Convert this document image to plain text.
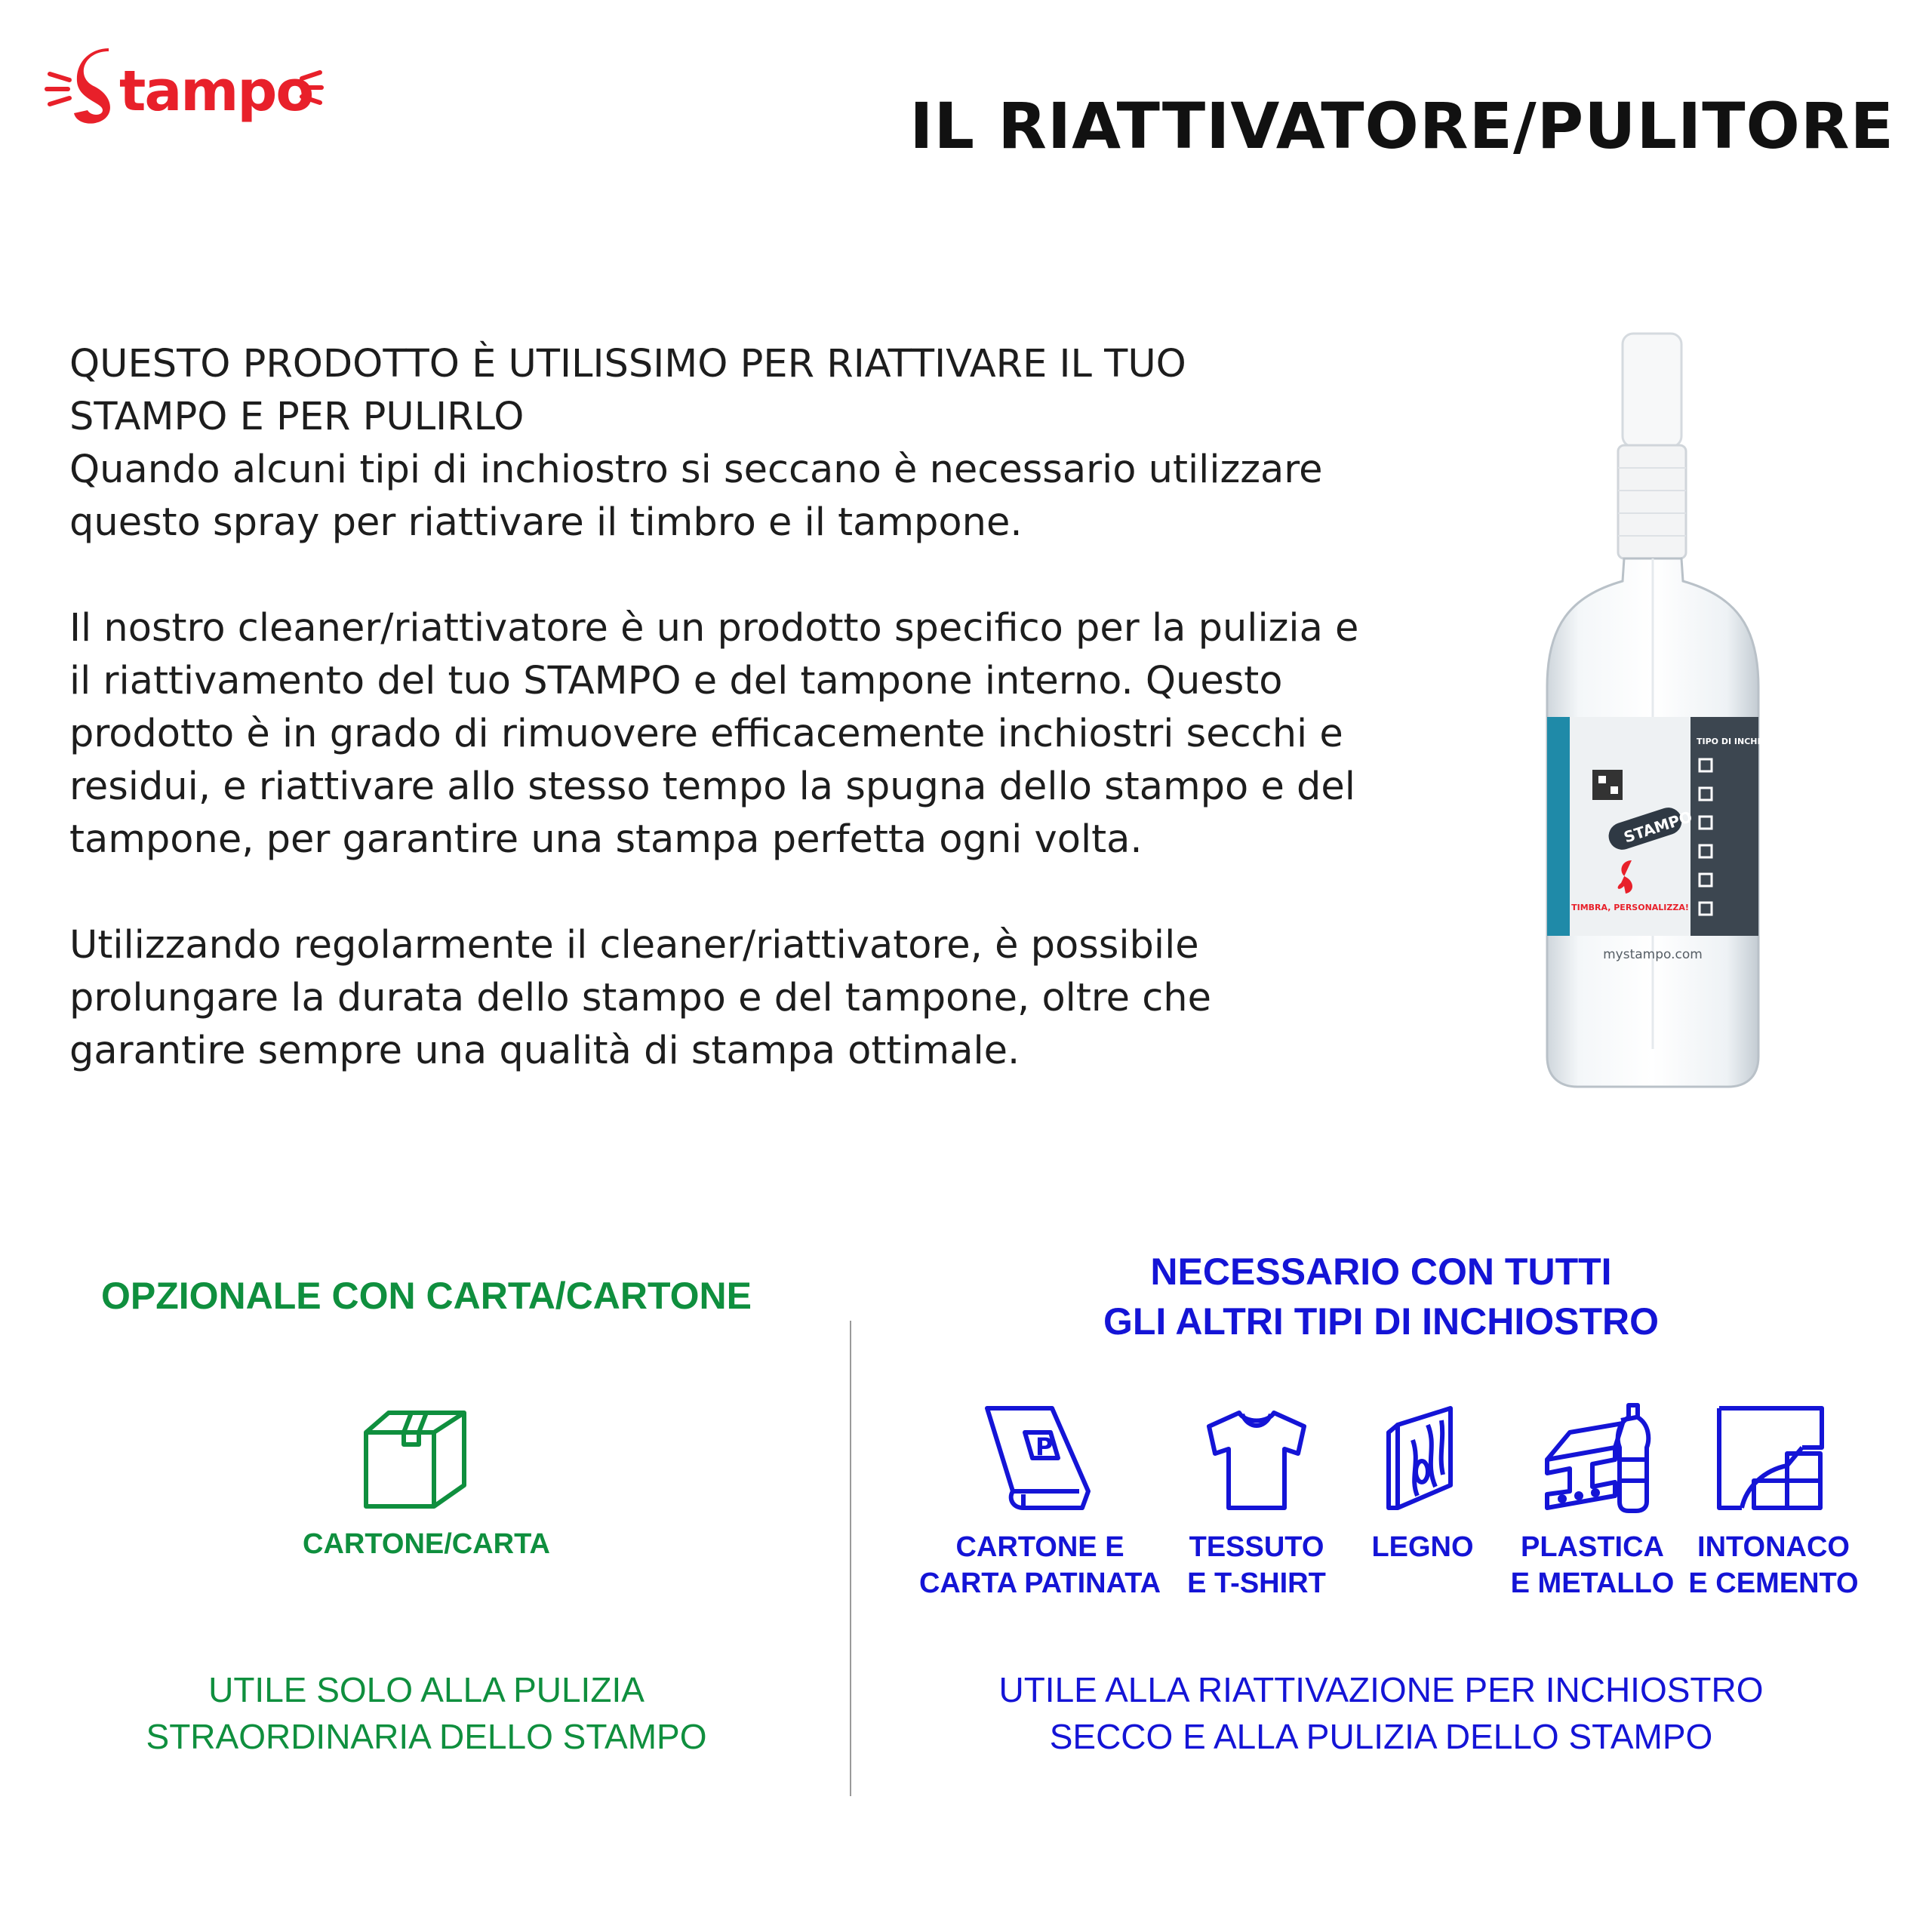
tampo	IL RIATTIVATORE/PULITORE

QUESTO PRODOTTO È UTILISSIMO PER RIATTIVARE IL TUO
STAMPO E PER PULIRLO
Quando alcuni tipi di inchiostro si seccano è necessario utilizzare
questo spray per riattivare il timbro e il tampone.

Il nostro cleaner/riattivatore è un prodotto specifico per la pulizia e
il riattivamento del tuo STAMPO e del tampone interno. Questo
prodotto è in grado di rimuovere efficacemente inchiostri secchi e
residui, e riattivare allo stesso tempo la spugna dello stampo e del
tampone, per garantire una stampa perfetta ogni volta.

Utilizzando regolarmente il cleaner/riattivatore, è possibile
prolungare la durata dello stampo e del tampone, oltre che
garantire sempre una qualità di stampa ottimale.

STAMPO
TIMBRA, PERSONALIZZA!
TIPO DI INCHIOSTRO
mystampo.com
OPZIONALE CON CARTA/CARTONE
CARTONE/CARTA
UTILE SOLO ALLA PULIZIA
STRAORDINARIA DELLO STAMPO
NECESSARIO CON TUTTI
GLI ALTRI TIPI DI INCHIOSTRO
P
CARTONE E
CARTA PATINATA
TESSUTO
E T-SHIRT
LEGNO	PLASTICA
E METALLO
INTONACO
E CEMENTO
UTILE ALLA RIATTIVAZIONE PER INCHIOSTRO
SECCO E ALLA PULIZIA DELLO STAMPO
